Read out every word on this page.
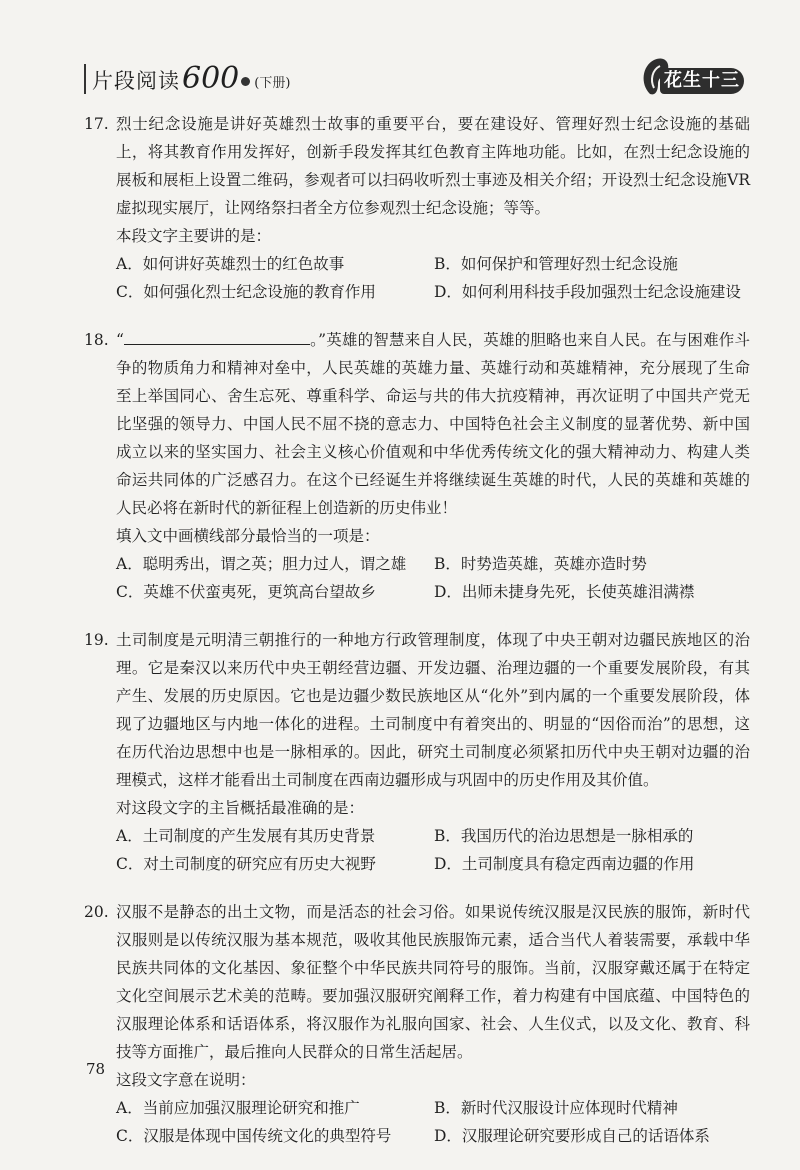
片段阅读 600 (下册)	花生十三
17. 烈士纪念设施是讲好英雄烈士故事的重要平台，要在建设好、管理好烈士纪念设施的基础上，将其教育作用发挥好，创新手段发挥其红色教育主阵地功能。比如，在烈士纪念设施的展板和展柜上设置二维码，参观者可以扫码收听烈士事迹及相关介绍；开设烈士纪念设施VR虚拟现实展厅，让网络祭扫者全方位参观烈士纪念设施；等等。
本段文字主要讲的是：
A．如何讲好英雄烈士的红色故事	B．如何保护和管理好烈士纪念设施
C．如何强化烈士纪念设施的教育作用	D．如何利用科技手段加强烈士纪念设施建设
18. “	。”英雄的智慧来自人民，英雄的胆略也来自人民。在与困难作斗争的物质角力和精神对垒中，人民英雄的英雄力量、英雄行动和英雄精神，充分展现了生命至上举国同心、舍生忘死、尊重科学、命运与共的伟大抗疫精神，再次证明了中国共产党无比坚强的领导力、中国人民不屈不挠的意志力、中国特色社会主义制度的显著优势、新中国成立以来的坚实国力、社会主义核心价值观和中华优秀传统文化的强大精神动力、构建人类命运共同体的广泛感召力。在这个已经诞生并将继续诞生英雄的时代，人民的英雄和英雄的人民必将在新时代的新征程上创造新的历史伟业！
填入文中画横线部分最恰当的一项是：
A．聪明秀出，谓之英；胆力过人，谓之雄	B．时势造英雄，英雄亦造时势
C．英雄不伏蛮夷死，更筑高台望故乡	D．出师未捷身先死，长使英雄泪满襟
19. 土司制度是元明清三朝推行的一种地方行政管理制度，体现了中央王朝对边疆民族地区的治理。它是秦汉以来历代中央王朝经营边疆、开发边疆、治理边疆的一个重要发展阶段，有其产生、发展的历史原因。它也是边疆少数民族地区从“化外”到内属的一个重要发展阶段，体现了边疆地区与内地一体化的进程。土司制度中有着突出的、明显的“因俗而治”的思想，这在历代治边思想中也是一脉相承的。因此，研究土司制度必须紧扣历代中央王朝对边疆的治理模式，这样才能看出土司制度在西南边疆形成与巩固中的历史作用及其价值。
对这段文字的主旨概括最准确的是：
A．土司制度的产生发展有其历史背景	B．我国历代的治边思想是一脉相承的
C．对土司制度的研究应有历史大视野	D．土司制度具有稳定西南边疆的作用
20. 汉服不是静态的出土文物，而是活态的社会习俗。如果说传统汉服是汉民族的服饰，新时代汉服则是以传统汉服为基本规范，吸收其他民族服饰元素，适合当代人着装需要，承载中华民族共同体的文化基因、象征整个中华民族共同符号的服饰。当前，汉服穿戴还属于在特定文化空间展示艺术美的范畴。要加强汉服研究阐释工作，着力构建有中国底蕴、中国特色的汉服理论体系和话语体系，将汉服作为礼服向国家、社会、人生仪式，以及文化、教育、科技等方面推广，最后推向人民群众的日常生活起居。
这段文字意在说明：
A．当前应加强汉服理论研究和推广	B．新时代汉服设计应体现时代精神
C．汉服是体现中国传统文化的典型符号	D．汉服理论研究要形成自己的话语体系
78
